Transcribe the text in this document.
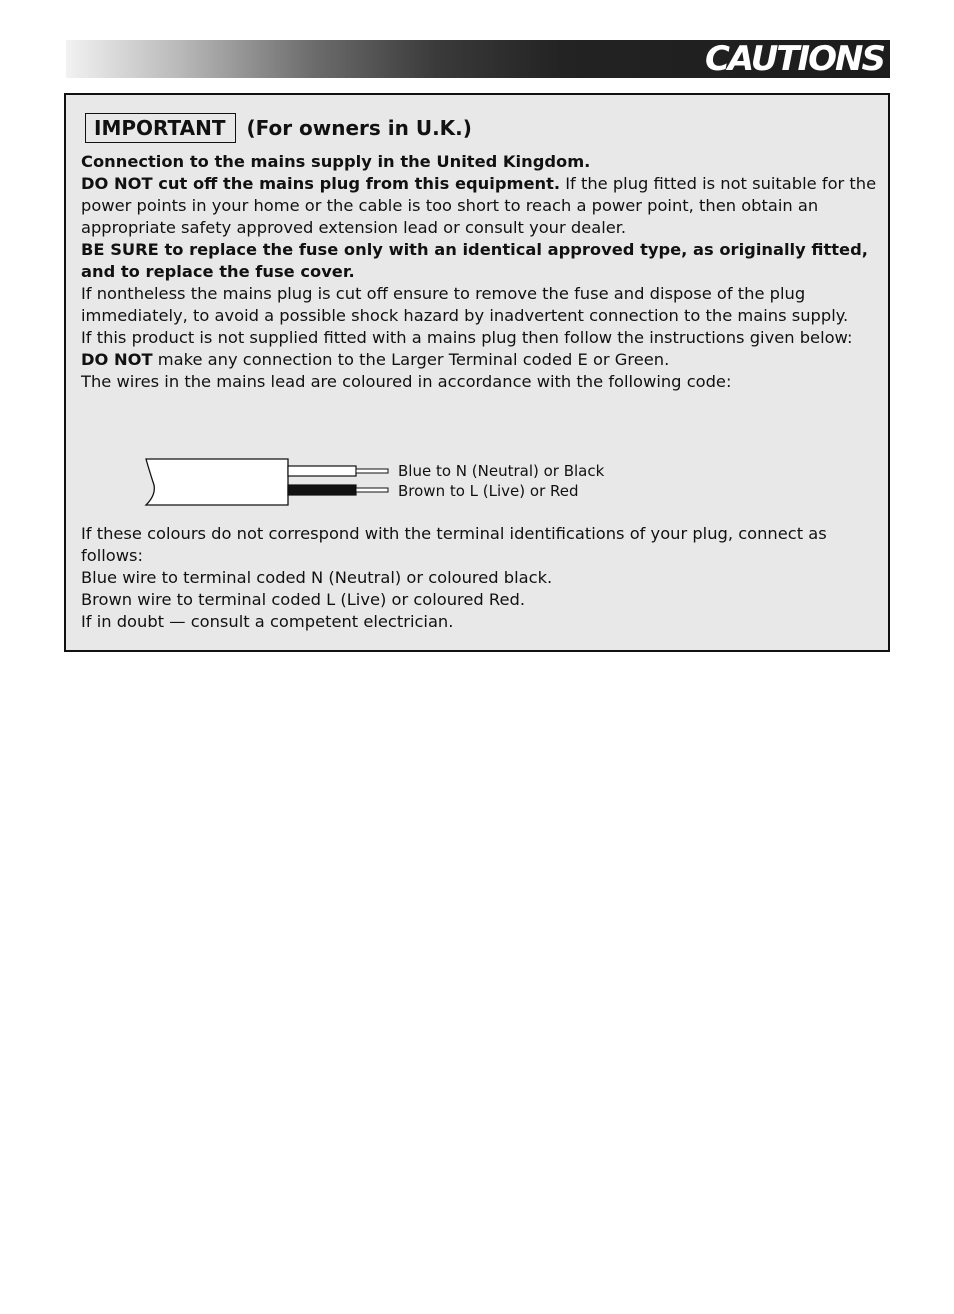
CAUTIONS
IMPORTANT	(For owners in U.K.)

Connection to the mains supply in the United Kingdom.

DO NOT cut off the mains plug from this equipment. If the plug fitted is not suitable for the power points in your home or the cable is too short to reach a power point, then obtain an appropriate safety approved extension lead or consult your dealer.

BE SURE to replace the fuse only with an identical approved type, as originally fitted, and to replace the fuse cover.

If nontheless the mains plug is cut off ensure to remove the fuse and dispose of the plug immediately, to avoid a possible shock hazard by inadvertent connection to the mains supply.

If this product is not supplied fitted with a mains plug then follow the instructions given below:

DO NOT make any connection to the Larger Terminal coded E or Green.

The wires in the mains lead are coloured in accordance with the following code:

Blue to N (Neutral) or Black
Brown to L (Live) or Red

If these colours do not correspond with the terminal identifications of your plug, connect as follows:

Blue wire to terminal coded N (Neutral) or coloured black.

Brown wire to terminal coded L (Live) or coloured Red.

If in doubt — consult a competent electrician.
